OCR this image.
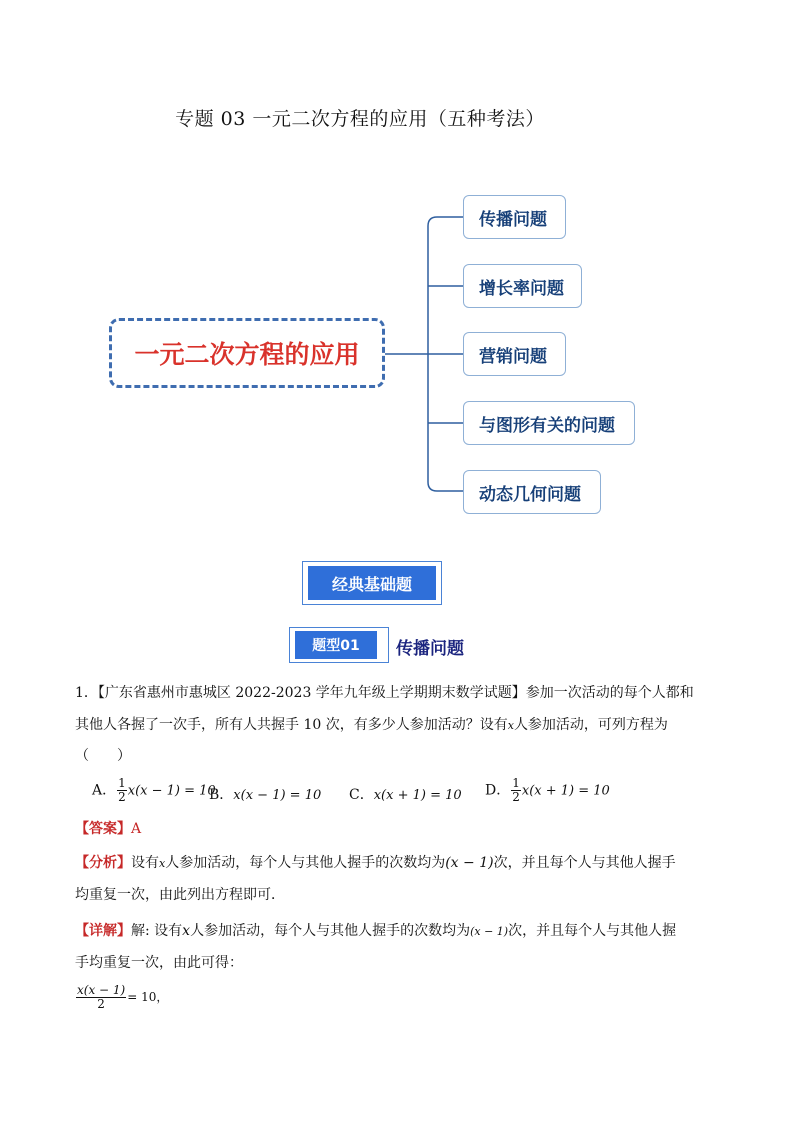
专题 03 一元二次方程的应用（五种考法）
一元二次方程的应用
传播问题
增长率问题
营销问题
与图形有关的问题
动态几何问题
经典基础题
题型01	传播问题
1．【广东省惠州市惠城区 2022-2023 学年九年级上学期期末数学试题】参加一次活动的每个人都和
其他人各握了一次手，所有人共握手 10 次，有多少人参加活动？设有x人参加活动，可列方程为
（　　）
A． $\frac{1}{2} x(x - 1) = 10$
B．x(x − 1) = 10 C．x(x + 1) = 10 D． $\frac{1}{2} x(x + 1) = 10$
【答案】A
【分析】设有x人参加活动，每个人与其他人握手的次数均为(x − 1)次，并且每个人与其他人握手
均重复一次，由此列出方程即可．
【详解】解: 设有x人参加活动，每个人与其他人握手的次数均为(x − 1)次，并且每个人与其他人握
手均重复一次，由此可得：
$\frac{x(x - 1)}{2} = 10$，
